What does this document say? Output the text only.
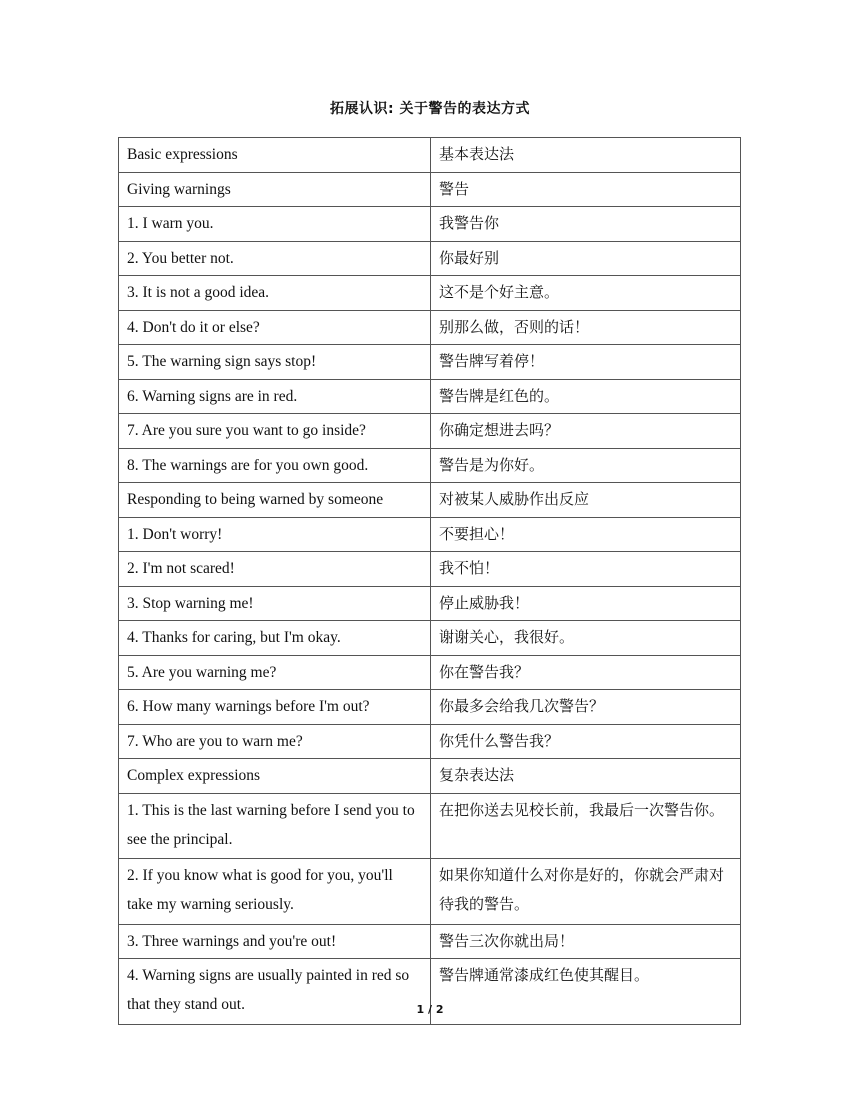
拓展认识: 关于警告的表达方式
Basic expressions	基本表达法
Giving warnings	警告
1. I warn you.	我警告你
2. You better not.	你最好别
3. It is not a good idea.	这不是个好主意。
4. Don't do it or else?	别那么做，否则的话！
5. The warning sign says stop!	警告牌写着停！
6. Warning signs are in red.	警告牌是红色的。
7. Are you sure you want to go inside?	你确定想进去吗？
8. The warnings are for you own good.	警告是为你好。
Responding to being warned by someone	对被某人威胁作出反应
1. Don't worry!	不要担心！
2. I'm not scared!	我不怕！
3. Stop warning me!	停止威胁我！
4. Thanks for caring, but I'm okay.	谢谢关心，我很好。
5. Are you warning me?	你在警告我？
6. How many warnings before I'm out?	你最多会给我几次警告？
7. Who are you to warn me?	你凭什么警告我？
Complex expressions	复杂表达法
1. This is the last warning before I send you to see the principal.	在把你送去见校长前，我最后一次警告你。
2. If you know what is good for you, you'll take my warning seriously.	如果你知道什么对你是好的，你就会严肃对待我的警告。
3. Three warnings and you're out!	警告三次你就出局！
4. Warning signs are usually painted in red so that they stand out.	警告牌通常漆成红色使其醒目。
1 / 2
